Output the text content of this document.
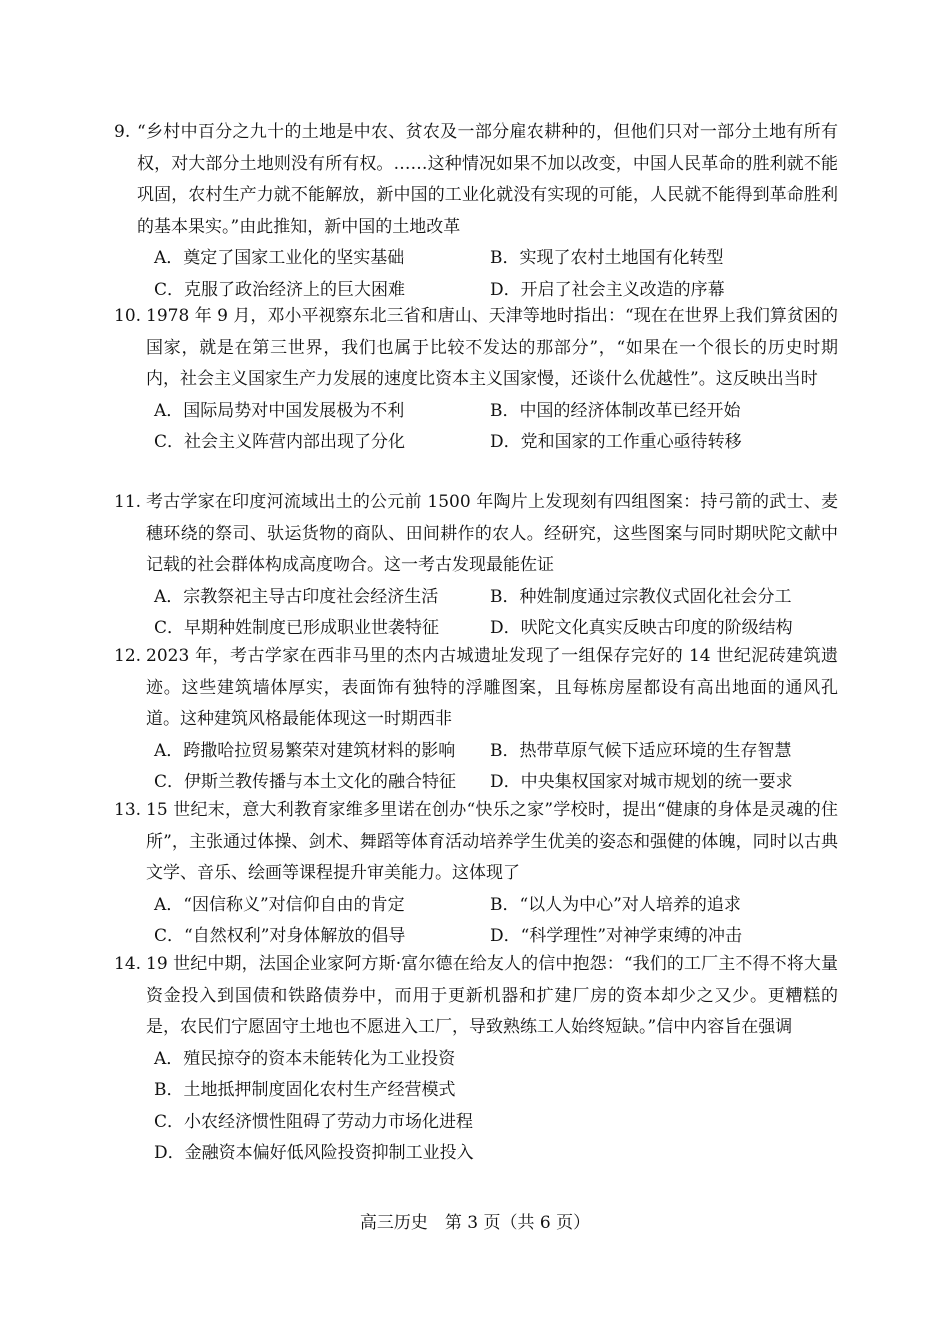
9. “乡村中百分之九十的土地是中农、贫农及一部分雇农耕种的，但他们只对一部分土地有所有权，对大部分土地则没有所有权。……这种情况如果不加以改变，中国人民革命的胜利就不能巩固，农村生产力就不能解放，新中国的工业化就没有实现的可能，人民就不能得到革命胜利的基本果实。”由此推知，新中国的土地改革
A．奠定了国家工业化的坚实基础	B．实现了农村土地国有化转型
C．克服了政治经济上的巨大困难	D．开启了社会主义改造的序幕
10. 1978 年 9 月，邓小平视察东北三省和唐山、天津等地时指出：“现在在世界上我们算贫困的国家，就是在第三世界，我们也属于比较不发达的那部分”，“如果在一个很长的历史时期内，社会主义国家生产力发展的速度比资本主义国家慢，还谈什么优越性”。这反映出当时
A．国际局势对中国发展极为不利	B．中国的经济体制改革已经开始
C．社会主义阵营内部出现了分化	D．党和国家的工作重心亟待转移
11. 考古学家在印度河流域出土的公元前 1500 年陶片上发现刻有四组图案：持弓箭的武士、麦穗环绕的祭司、驮运货物的商队、田间耕作的农人。经研究，这些图案与同时期吠陀文献中记载的社会群体构成高度吻合。这一考古发现最能佐证
A．宗教祭祀主导古印度社会经济生活	B．种姓制度通过宗教仪式固化社会分工
C．早期种姓制度已形成职业世袭特征	D．吠陀文化真实反映古印度的阶级结构
12. 2023 年，考古学家在西非马里的杰内古城遗址发现了一组保存完好的 14 世纪泥砖建筑遗迹。这些建筑墙体厚实，表面饰有独特的浮雕图案，且每栋房屋都设有高出地面的通风孔道。这种建筑风格最能体现这一时期西非
A．跨撒哈拉贸易繁荣对建筑材料的影响	B．热带草原气候下适应环境的生存智慧
C．伊斯兰教传播与本土文化的融合特征	D．中央集权国家对城市规划的统一要求
13. 15 世纪末，意大利教育家维多里诺在创办“快乐之家”学校时，提出“健康的身体是灵魂的住所”，主张通过体操、剑术、舞蹈等体育活动培养学生优美的姿态和强健的体魄，同时以古典文学、音乐、绘画等课程提升审美能力。这体现了
A．“因信称义”对信仰自由的肯定	B．“以人为中心”对人培养的追求
C．“自然权利”对身体解放的倡导	D．“科学理性”对神学束缚的冲击
14. 19 世纪中期，法国企业家阿方斯·富尔德在给友人的信中抱怨：“我们的工厂主不得不将大量资金投入到国债和铁路债券中，而用于更新机器和扩建厂房的资本却少之又少。更糟糕的是，农民们宁愿固守土地也不愿进入工厂，导致熟练工人始终短缺。”信中内容旨在强调
A．殖民掠夺的资本未能转化为工业投资
B．土地抵押制度固化农村生产经营模式
C．小农经济惯性阻碍了劳动力市场化进程
D．金融资本偏好低风险投资抑制工业投入
高三历史　第 3 页（共 6 页）
